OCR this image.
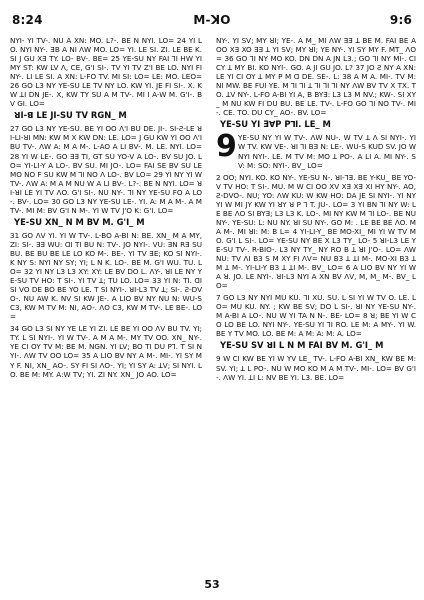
8:24	M-ꓘO	9:6

NYI- YI TV-. NU A XN: MO. L?-. BE N NYI. LO= 24 YI LO. NYI NY-. ƎB A NI ꓥW MO. LO= YI. LE SI. ZI. LE BE K. SI J GU XƎ TY. LO- BV-. BE= 25 YE-SU NY FAI ꓶI HW YI MY ST: KW LV ꓥ, CE, G'I SI-. TV YI TV Z'I BE LO. NYI FI NY-. LI LE SI. A XN: L-FO TV. MI SI: LO= LE: MO. LEO= 26 GO L3 NY YE-SU LE TV NY LO. KW YI. JE FI SI-. X. KW ꓕI DN JE-. X, KW TY SU A M TV-. MI I A-W M. G'I-. BV GI. LO=

ꓤI-ꓭ LE JI-SU TV RGN_ M

27 GO L3 NY YE-SU. BE YI OO ꓥ'I BU DE. JI-. SI-Ƨ-LE ꓤI-LI-ꓤI MN: KW M X KW DN: LE. LO= J GU KW YI OO ꓥ'I BU TV-. ꓥW A: M A M-. L-AO A LI BV-. M. LE. NYI. LO= 28 YI W LE-. GO ƎƎ TI, GT SU YO-V A LO-. BV SU JO. LO= YI-LI-Y A LO-. BV SU. MI JO-. LO= FAI SE BV SU LE MO NO F SU KW M ꓶI NO ꓥ LO-. BV LO= 29 YI NY YI W TV-. ꓥW A: M A M NU W A LI BV-. L?-. BE N NYI. LO= ꓤI-ꓤI LE YI TV ꓥO. G'I SI-. NU NY-. ꓶI NY YE-SU FO A LO-. BV-. LO= 30 GO L3 NY YE-SU LE-. YI. A: M A M-. A M TV-. MI M: BV G'I N M-. YI W TV J'O K: G'I. LO=

YE-SU XN_ N M BV M. G'I_ M

31 GO ꓥV YI. YI W TV-. L-BO A-BI N: BE. XN_ M A MY, ZI: SI-. ƎƎ WU: ꓷI TI BU N: TV-. JO NYI-. VU: ƎN RƎ SU BU. BE BU BE LE LO KO M-. BE-. YI TV ƎE; KO SI NYI-. K NY S: NYI NY SY; YI; L N K. LO-. BE M. G'I WU. TU. LO= 32 YI NY L3 L3 XY: XY: LE BV DO L. ꓥY-. ꓤI LE NY YE-SU TV HO: T SI-. YI TV ꓕ; TU LO. LO= 33 YI N: TI. ꓷI SI VO DE BO BE YO LE. T SI NYI-. ꓤI-L3 TV ꓕ; SI-. Ƨ-DVO-. NU AW K. NV SI KW JE-. A LIO BV NY NU N: WU-S C3, KW M TV M: NI, AO-. ꓥO C3, KW M TV-. LE BE-. LO=

34 GO L3 SI NY YE LE YI ZI. LE BE YI OO ꓥV BU TV. YI; TY. L SI NYI-. YI W TV-. A M A M-. MY TV OO. XN_ NY-. YE CI OY TV M: BE M. NGN. YI LV; BO TI DU Pꓶ. T SI NYI-. ꓥW TV OO LO= 35 A LIO BV NY A M-. MI-. YI SY MY F. NI, XN_ AO-. SY FI SI ꓥO-. YI; YI SY A: ꓕV; SI NYI. LO. BE M: MY. A:W TV; YI. ZI NY. XN_ JO AO. LO=

NY-. YI SV; MY ꓤI; YE-. A M_ MI ꓥW ƎƎ ꓕ BE M. FAI BE A OO XƎ XO ƎƎ ꓕ YI SV; MY ꓤI; YE NY-. YI SY MY F. MT_ ꓥO= 36 GO ꓶI NY MO KO. DN DN A JN L3.; GO ꓶI NY MI-. CI CY ꓕ MY BI. KO NYI-. GO. A JI GU JO. L? 37 JO Ƨ NY A XN: LE YI CI OY ꓕ MY P M ꓷ DE. SE-. L: 38 A M A. MI-. TV M: NI MW. BE FUI YE. M ꓶI ꓶI ꓕ ꓶI ꓶI ꓶI NY ꓥW BV TV X TX. TO. ꓕV NY-. L-FO A-BI YI A, B BYƎ: L3 L3 M NV.; KW-. SI XY_ M NU KW FI DU BU. BE LE. TV-. L-FO GO ꓶI NO TV-. MI-. CE. TO. DU CY_ AO-. BV. LO=

YE-SU YI Ǝ∀P PꓶI. LE_ M

9 YE-SU NY YI W TV-. ꓥW NU-. W TV ꓕ ꓥ SI NYI-. YI W TV. KW VE-. ꓤI ꓶI BƎ N: LE-. WU-S KUD SV. JO W NYI NYI-. LE. M TV M: MO ꓕ PO-. A LI A. MI NY-. SV: M: SO: NYI-. BV_ LO=

2 OO; NYI. KO. KO NY-. YE-SU N-. ꓤI-ꓶƎ. BE Y-KU_ BE YO-V TV HO: T SI-. MU. M W CI OO XV XƎ XƎ XI HY NY-. AO, Ƨ-DVO-. NU; YO: ꓥW KU: W KW HO: DA JE SI NYI-. YI NY YI W MI JY KW YI ꓤY ꓤ P ꓶ T. JU-. LO= 3 YI BN ꓶI NY W: LE BE ꓥO SI BYƎ; L3 L3 K. LO-. MI NY KW M ꓶI LO-. BE NU NY-. YE-SU: L: NU NY. ꓤI SU NY-. GO M: . LE BE BE ꓥO. M A M-. MI ꓤI: M: B L= 4 YI-LI-Y_ BE MO-XI_ MI YI W TV MO. G'I L SI-. LO= YE-SU NY BE X L3 TY_ LO- 5 ꓤI-L3 LE YE-SU TV-. R-BIO-. L3 NY TY_ NY RO B ꓕ ꓤI J'O-. LO= ꓥW NU: TV ꓥI B3 S M XY FI ꓥV= NU B3 ꓕ ꓕI M-. MO-XI B3 ꓕ M ꓕ M-. YI-LI-Y B3 ꓕ ꓕI M-. BV_ LO= 6 A LIO BV NY YI W A ꓤ. JO. LE NYI-. ꓤI-L3 NYI A XN BV ꓥV, M, M_ M-. BV_ LO=

7 GO L3 NY NYI MU KU. ꓶI XU. SU. L SI YI W TV O. LE. LO= MU KU. NY. ; KW BE SV; DO L SI-. ꓤI NY YE-SU NY-. M A-BI A LO-. NU W YI TA N N-. BE- LO= 8 ꓤ; BE YI W CO LO BE LO. NYI NY-. YE-SU YI ꓶI RO. LE M: A MY-. YI W. BE Y TV MO. LO. BE M: A M: A: M: A. LO=

YE-SU SV ꓤI L N M FAI BV M. G'I_ M

9 W CI KW BE YI W YV LE_ TV-. L-FO A-BI XN_ KW BE M: SV. YI; ꓕ L PO-. NU W MO KO M A M TV-. MI-. LO= BV G'I-. ꓥW YI. ꓕI L: NV BE YI. L3. BE. LO=

53
